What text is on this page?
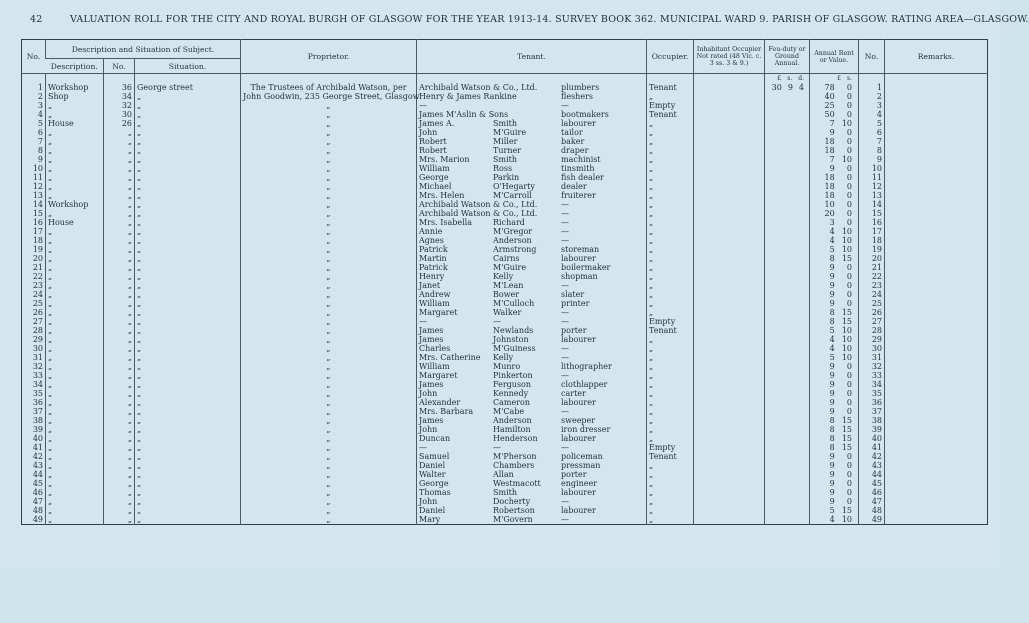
42	VALUATION ROLL FOR THE CITY AND ROYAL BURGH OF GLASGOW FOR THE YEAR 1913-14. SURVEY BOOK 362. MUNICIPAL WARD 9. PARISH OF GLASGOW. RATING AREA—GLASGOW.
No.	Description and Situation of Subject.			Proprietor.	Tenant.	Occupier.	Inhabitant Occupier Not rated (48 Vic. c. 3 ss. 3 & 9.)	Feu-duty or Ground Annual.	Annual Rent or Value.	No.	Remarks.
	Description.	No.	Situation.								

								£ s. d.	£ s.		

1	Workshop	36	George street	The Trustees of Archibald Watson, per	Archibald Watson & Co., Ltd. plumbers	Tenant		30 9 4	78 0	1	
2	Shop	34	„	John Goodwin, 235 George Street, Glasgow	Henry & James Rankine fleshers	„			40 0	2	
3	„	32	„	„	— —	Empty			25 0	3	
4	„	30	„	„	James M'Aslin & Sons bootmakers	Tenant			50 0	4	
5	House	26	„	„	James A. Smith labourer	„			7 10	5	
6	„	„	„	„	John M'Guire tailor	„			9 0	6	
7	„	„	„	„	Robert Miller baker	„			18 0	7	
8	„	„	„	„	Robert Turner draper	„			18 0	8	
9	„	„	„	„	Mrs. Marion Smith machinist	„			7 10	9	
10	„	„	„	„	William Ross tinsmith	„			9 0	10	
11	„	„	„	„	George Parkin fish dealer	„			18 0	11	
12	„	„	„	„	Michael O'Hegarty dealer	„			18 0	12	
13	„	„	„	„	Mrs. Helen M'Carroll fruiterer	„			18 0	13	
14	Workshop	„	„	„	Archibald Watson & Co., Ltd. —	„			10 0	14	
15	„	„	„	„	Archibald Watson & Co., Ltd. —	„			20 0	15	
16	House	„	„	„	Mrs. Isabella Richard —	„			3 0	16	
17	„	„	„	„	Annie M'Gregor —	„			4 10	17	
18	„	„	„	„	Agnes Anderson —	„			4 10	18	
19	„	„	„	„	Patrick Armstrong storeman	„			5 10	19	
20	„	„	„	„	Martin Cairns labourer	„			8 15	20	
21	„	„	„	„	Patrick M'Guire boilermaker	„			9 0	21	
22	„	„	„	„	Henry Kelly shopman	„			9 0	22	
23	„	„	„	„	Janet M'Lean —	„			9 0	23	
24	„	„	„	„	Andrew Bower slater	„			9 0	24	
25	„	„	„	„	William M'Culloch printer	„			9 0	25	
26	„	„	„	„	Margaret Walker —	„			8 15	26	
27	„	„	„	„	— — —	Empty			8 15	27	
28	„	„	„	„	James Newlands porter	Tenant			5 10	28	
29	„	„	„	„	James Johnston labourer	„			4 10	29	
30	„	„	„	„	Charles M'Guiness —	„			4 10	30	
31	„	„	„	„	Mrs. Catherine Kelly —	„			5 10	31	
32	„	„	„	„	William Munro lithographer	„			9 0	32	
33	„	„	„	„	Margaret Pinkerton —	„			9 0	33	
34	„	„	„	„	James Ferguson clothlapper	„			9 0	34	
35	„	„	„	„	John Kennedy carter	„			9 0	35	
36	„	„	„	„	Alexander Cameron labourer	„			9 0	36	
37	„	„	„	„	Mrs. Barbara M'Cabe —	„			9 0	37	
38	„	„	„	„	James Anderson sweeper	„			8 15	38	
39	„	„	„	„	John Hamilton iron dresser	„			8 15	39	
40	„	„	„	„	Duncan Henderson labourer	„			8 15	40	
41	„	„	„	„	— — —	Empty			8 15	41	
42	„	„	„	„	Samuel M'Pherson policeman	Tenant			9 0	42	
43	„	„	„	„	Daniel Chambers pressman	„			9 0	43	
44	„	„	„	„	Walter Allan porter	„			9 0	44	
45	„	„	„	„	George Westmacott engineer	„			9 0	45	
46	„	„	„	„	Thomas Smith labourer	„			9 0	46	
47	„	„	„	„	John Docherty —	„			9 0	47	
48	„	„	„	„	Daniel Robertson labourer	„			5 15	48	
49	„	„	„	„	Mary M'Govern —	„			4 10	49	
